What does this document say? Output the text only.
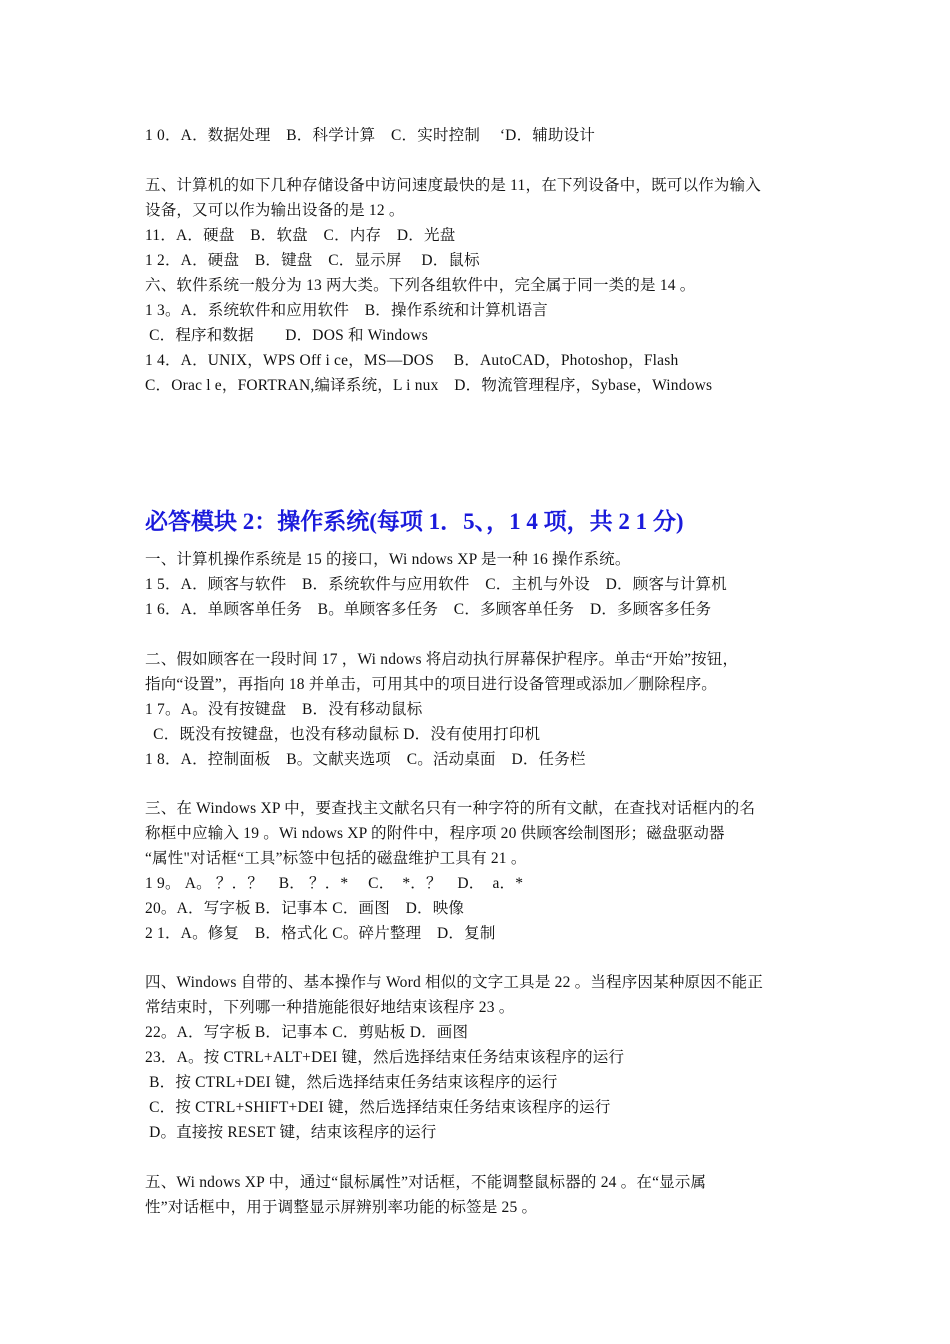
1 0．A．数据处理　B．科学计算　C．实时控制　 ‘D．辅助设计
五、计算机的如下几种存储设备中访问速度最快的是 11，在下列设备中，既可以作为输入
设备，又可以作为输出设备的是 12 。
11．A．硬盘　B．软盘　C．内存　D．光盘
1 2．A．硬盘　B．键盘　C．显示屏　 D．鼠标
六、软件系统一般分为 13 两大类。下列各组软件中，完全属于同一类的是 14 。
1 3。A．系统软件和应用软件　B．操作系统和计算机语言
C．程序和数据　　D．DOS 和 Windows
1 4．A．UNIX，WPS Off i ce，MS—DOS　 B．AutoCAD，Photoshop，Flash
C．Orac l e，FORTRAN,编译系统，L i nux　D．物流管理程序，Sybase，Windows
必答模块 2：操作系统(每项 1．5、，1 4 项，共 2 1 分)
一、计算机操作系统是 15 的接口，Wi ndows XP 是一种 16 操作系统。
1 5．A．顾客与软件　B．系统软件与应用软件　C．主机与外设　D．顾客与计算机
1 6．A．单顾客单任务　B。单顾客多任务　C．多顾客单任务　D．多顾客多任务
二、假如顾客在一段时间 17 ，Wi ndows 将启动执行屏幕保护程序。单击“开始”按钮，
指向“设置”，再指向 18 并单击，可用其中的项目进行设备管理或添加／删除程序。
1 7。A。没有按键盘　B．没有移动鼠标
C．既没有按键盘，也没有移动鼠标 D．没有使用打印机
1 8．A．控制面板　B。文献夹选项　C。活动桌面　D．任务栏
三、在 Windows XP 中，要查找主文献名只有一种字符的所有文献，在查找对话框内的名
称框中应输入 19 。Wi ndows XP 的附件中，程序项 20 供顾客绘制图形；磁盘驱动器
“属性"对话框“工具”标签中包括的磁盘维护工具有 21 。
1 9。 A。 ？．？　B． ？．*　 C．　*．？　D．　a．*
20。A．写字板 B．记事本 C．画图　D．映像
2 1．A。修复　B．格式化 C。碎片整理　D．复制
四、Windows 自带的、基本操作与 Word 相似的文字工具是 22 。当程序因某种原因不能正
常结束时，下列哪一种措施能很好地结束该程序 23 。
22。A．写字板 B．记事本 C．剪贴板 D．画图
23．A。按 CTRL+ALT+DEI 键，然后选择结束任务结束该程序的运行
B．按 CTRL+DEI 键，然后选择结束任务结束该程序的运行
C．按 CTRL+SHIFT+DEI 键，然后选择结束任务结束该程序的运行
D。直接按 RESET 键，结束该程序的运行
五、Wi ndows XP 中，通过“鼠标属性”对话框，不能调整鼠标器的 24 。在“显示属
性”对话框中，用于调整显示屏辨别率功能的标签是 25 。
